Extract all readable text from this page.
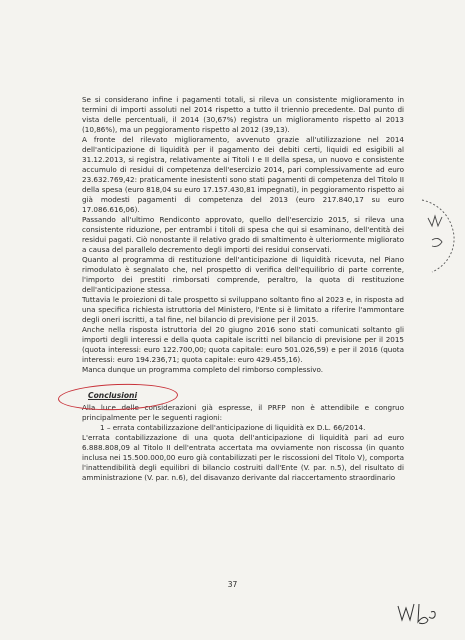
Se si considerano infine i pagamenti totali, si rileva un consistente miglioramento in termini di importi assoluti nel 2014 rispetto a tutto il triennio precedente. Dal punto di vista delle percentuali, il 2014 (30,67%) registra un miglioramento rispetto al 2013 (10,86%), ma un peggioramento rispetto al 2012 (39,13).

A fronte del rilevato miglioramento, avvenuto grazie all'utilizzazione nel 2014 dell'anticipazione di liquidità per il pagamento dei debiti certi, liquidi ed esigibili al 31.12.2013, si registra, relativamente ai Titoli I e II della spesa, un nuovo e consistente accumulo di residui di competenza dell'esercizio 2014, pari complessivamente ad euro 23.632.769,42: praticamente inesistenti sono stati pagamenti di competenza del Titolo II della spesa (euro 818,04 su euro 17.157.430,81 impegnati), in peggioramento rispetto ai già modesti pagamenti di competenza del 2013 (euro 217.840,17 su euro 17.086.616,06).

Passando all'ultimo Rendiconto approvato, quello dell'esercizio 2015, si rileva una consistente riduzione, per entrambi i titoli di spesa che qui si esaminano, dell'entità dei residui pagati. Ciò nonostante il relativo grado di smaltimento è ulteriormente migliorato a causa del parallelo decremento degli importi dei residui conservati.

Quanto al programma di restituzione dell'anticipazione di liquidità ricevuta, nel Piano rimodulato è segnalato che, nel prospetto di verifica dell'equilibrio di parte corrente, l'importo dei prestiti rimborsati comprende, peraltro, la quota di restituzione dell'anticipazione stessa.

Tuttavia le proiezioni di tale prospetto si sviluppano soltanto fino al 2023 e, in risposta ad una specifica richiesta istruttoria del Ministero, l'Ente si è limitato a riferire l'ammontare degli oneri iscritti, a tal fine, nel bilancio di previsione per il 2015.

Anche nella risposta istruttoria del 20 giugno 2016 sono stati comunicati soltanto gli importi degli interessi e della quota capitale iscritti nel bilancio di previsione per il 2015 (quota interessi: euro 122.700,00; quota capitale: euro 501.026,59) e per il 2016 (quota interessi: euro 194.236,71; quota capitale: euro 429.455,16).

Manca dunque un programma completo del rimborso complessivo.

Conclusioni

Alla luce delle considerazioni già espresse, il PRFP non è attendibile e congruo principalmente per le seguenti ragioni:

1 – errata contabilizzazione dell'anticipazione di liquidità ex D.L. 66/2014.

L'errata contabilizzazione di una quota dell'anticipazione di liquidità pari ad euro 6.888.808,09 al Titolo II dell'entrata accertata ma ovviamente non riscossa (in quanto inclusa nei 15.500.000,00 euro già contabilizzati per le riscossioni del Titolo V), comporta l'inattendibilità degli equilibri di bilancio costruiti dall'Ente (V. par. n.5), del risultato di amministrazione (V. par. n.6), del disavanzo derivante dal riaccertamento straordinario

37
